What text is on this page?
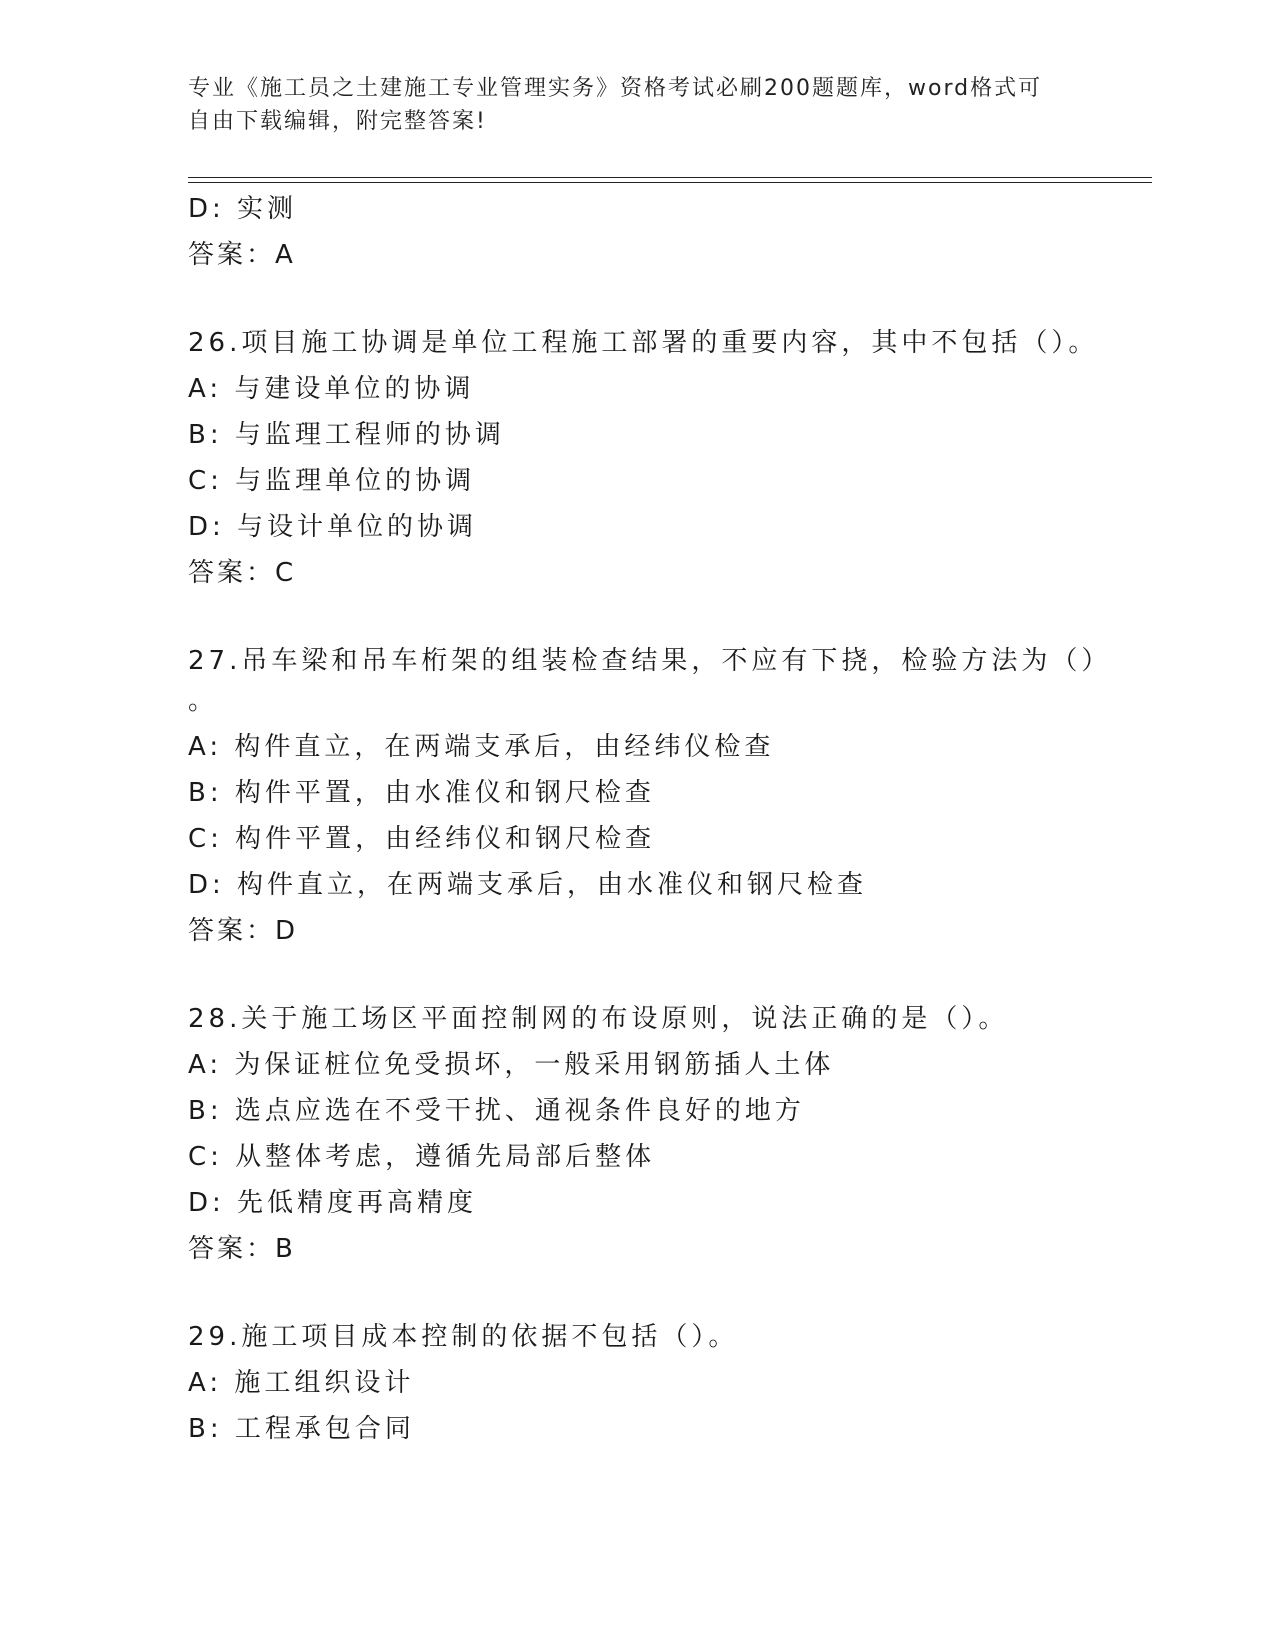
专业《施工员之土建施工专业管理实务》资格考试必刷200题题库，word格式可
自由下载编辑，附完整答案!
D: 实测
答案：A
26.项目施工协调是单位工程施工部署的重要内容，其中不包括（）。
A: 与建设单位的协调
B: 与监理工程师的协调
C: 与监理单位的协调
D: 与设计单位的协调
答案：C
27.吊车梁和吊车桁架的组装检查结果，不应有下挠，检验方法为（）
。
A: 构件直立，在两端支承后，由经纬仪检查
B: 构件平置，由水准仪和钢尺检查
C: 构件平置，由经纬仪和钢尺检查
D: 构件直立，在两端支承后，由水准仪和钢尺检查
答案：D
28.关于施工场区平面控制网的布设原则，说法正确的是（）。
A: 为保证桩位免受损坏，一般采用钢筋插人土体
B: 选点应选在不受干扰、通视条件良好的地方
C: 从整体考虑，遵循先局部后整体
D: 先低精度再高精度
答案：B
29.施工项目成本控制的依据不包括（）。
A: 施工组织设计
B: 工程承包合同
